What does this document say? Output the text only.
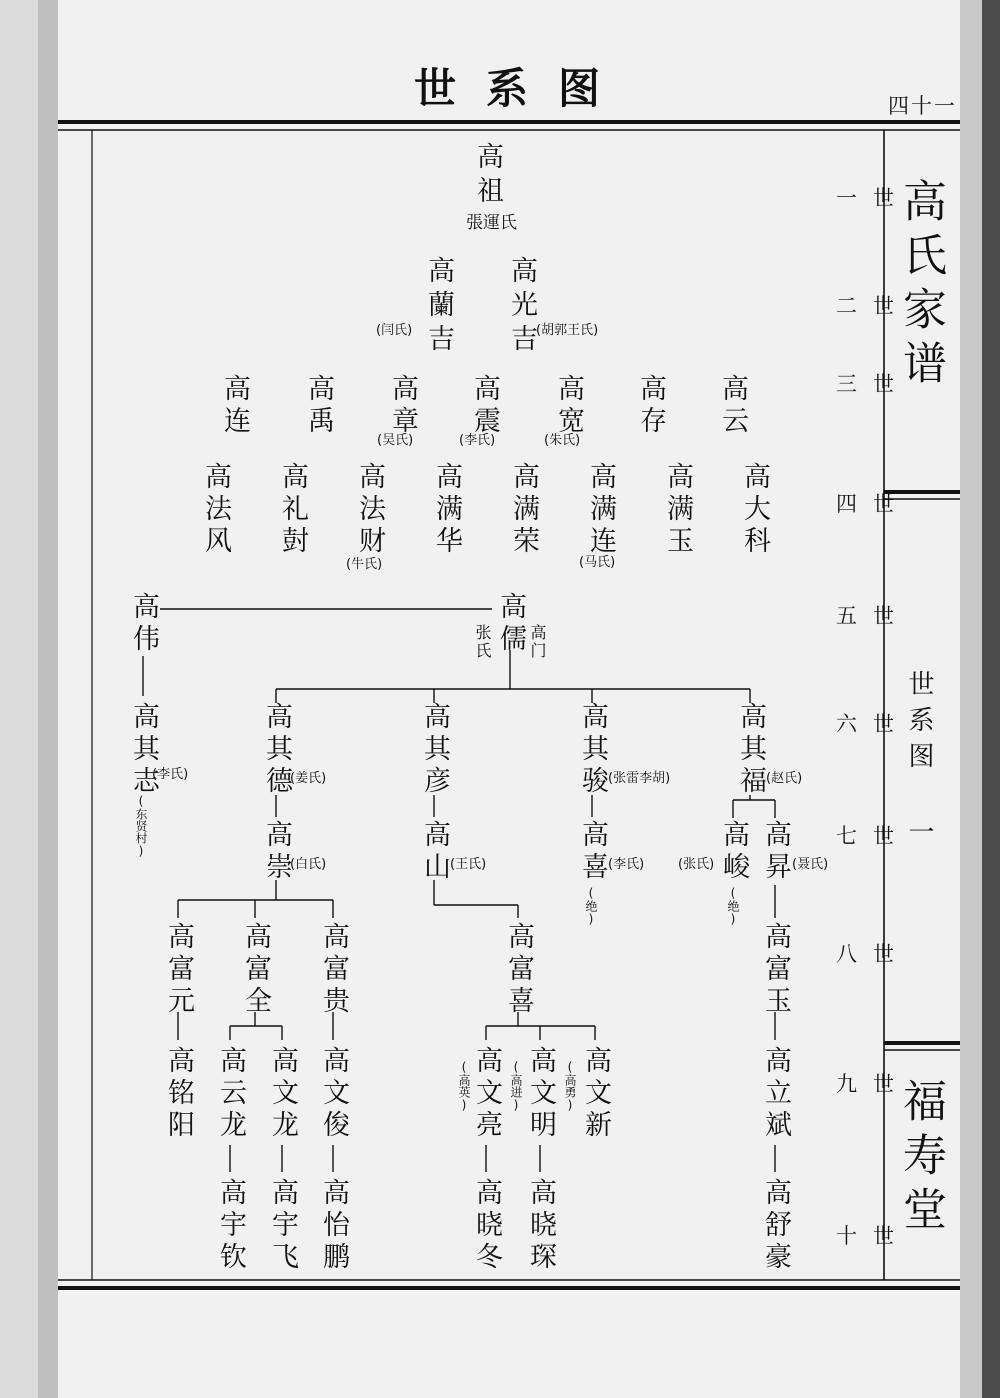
世系图	四十一
高氏家谱
世系图 一
福寿堂
一世
二世
三世
四世
五世
六世
七世
八世
九世
十世
高祖
張運氏
高蘭吉
(闫氏)	高光吉 (胡郭王氏)
高连 高禹 高章
(吴氏)
高震
(李氏)
高宽
(朱氏)
高存 高云
高法风 高礼尌 高法财
(牛氏)
高满华 高满荣 高满连
(马氏)
高满玉 高大科
高伟	高儒
张氏 高门
高其志
(李氏)
(东贤村)
高其德
(姜氏)	高其彦	高其骏 (张雷李胡) 高其福 (赵氏)
高崇
(白氏)	高山 (王氏)	高喜 (李氏)
(绝)
高峻
(张氏)
(绝)
高昇 (聂氏)
高富元 高富全 高富贵	高富喜	高富玉
高铭阳 高云龙 高文龙 高文俊	高文亮
(高英) 高文明
(高进) 高文新
(高勇)	高立斌
高宇钦 高宇飞 高怡鹏	高晓冬 高晓琛	高舒豪
